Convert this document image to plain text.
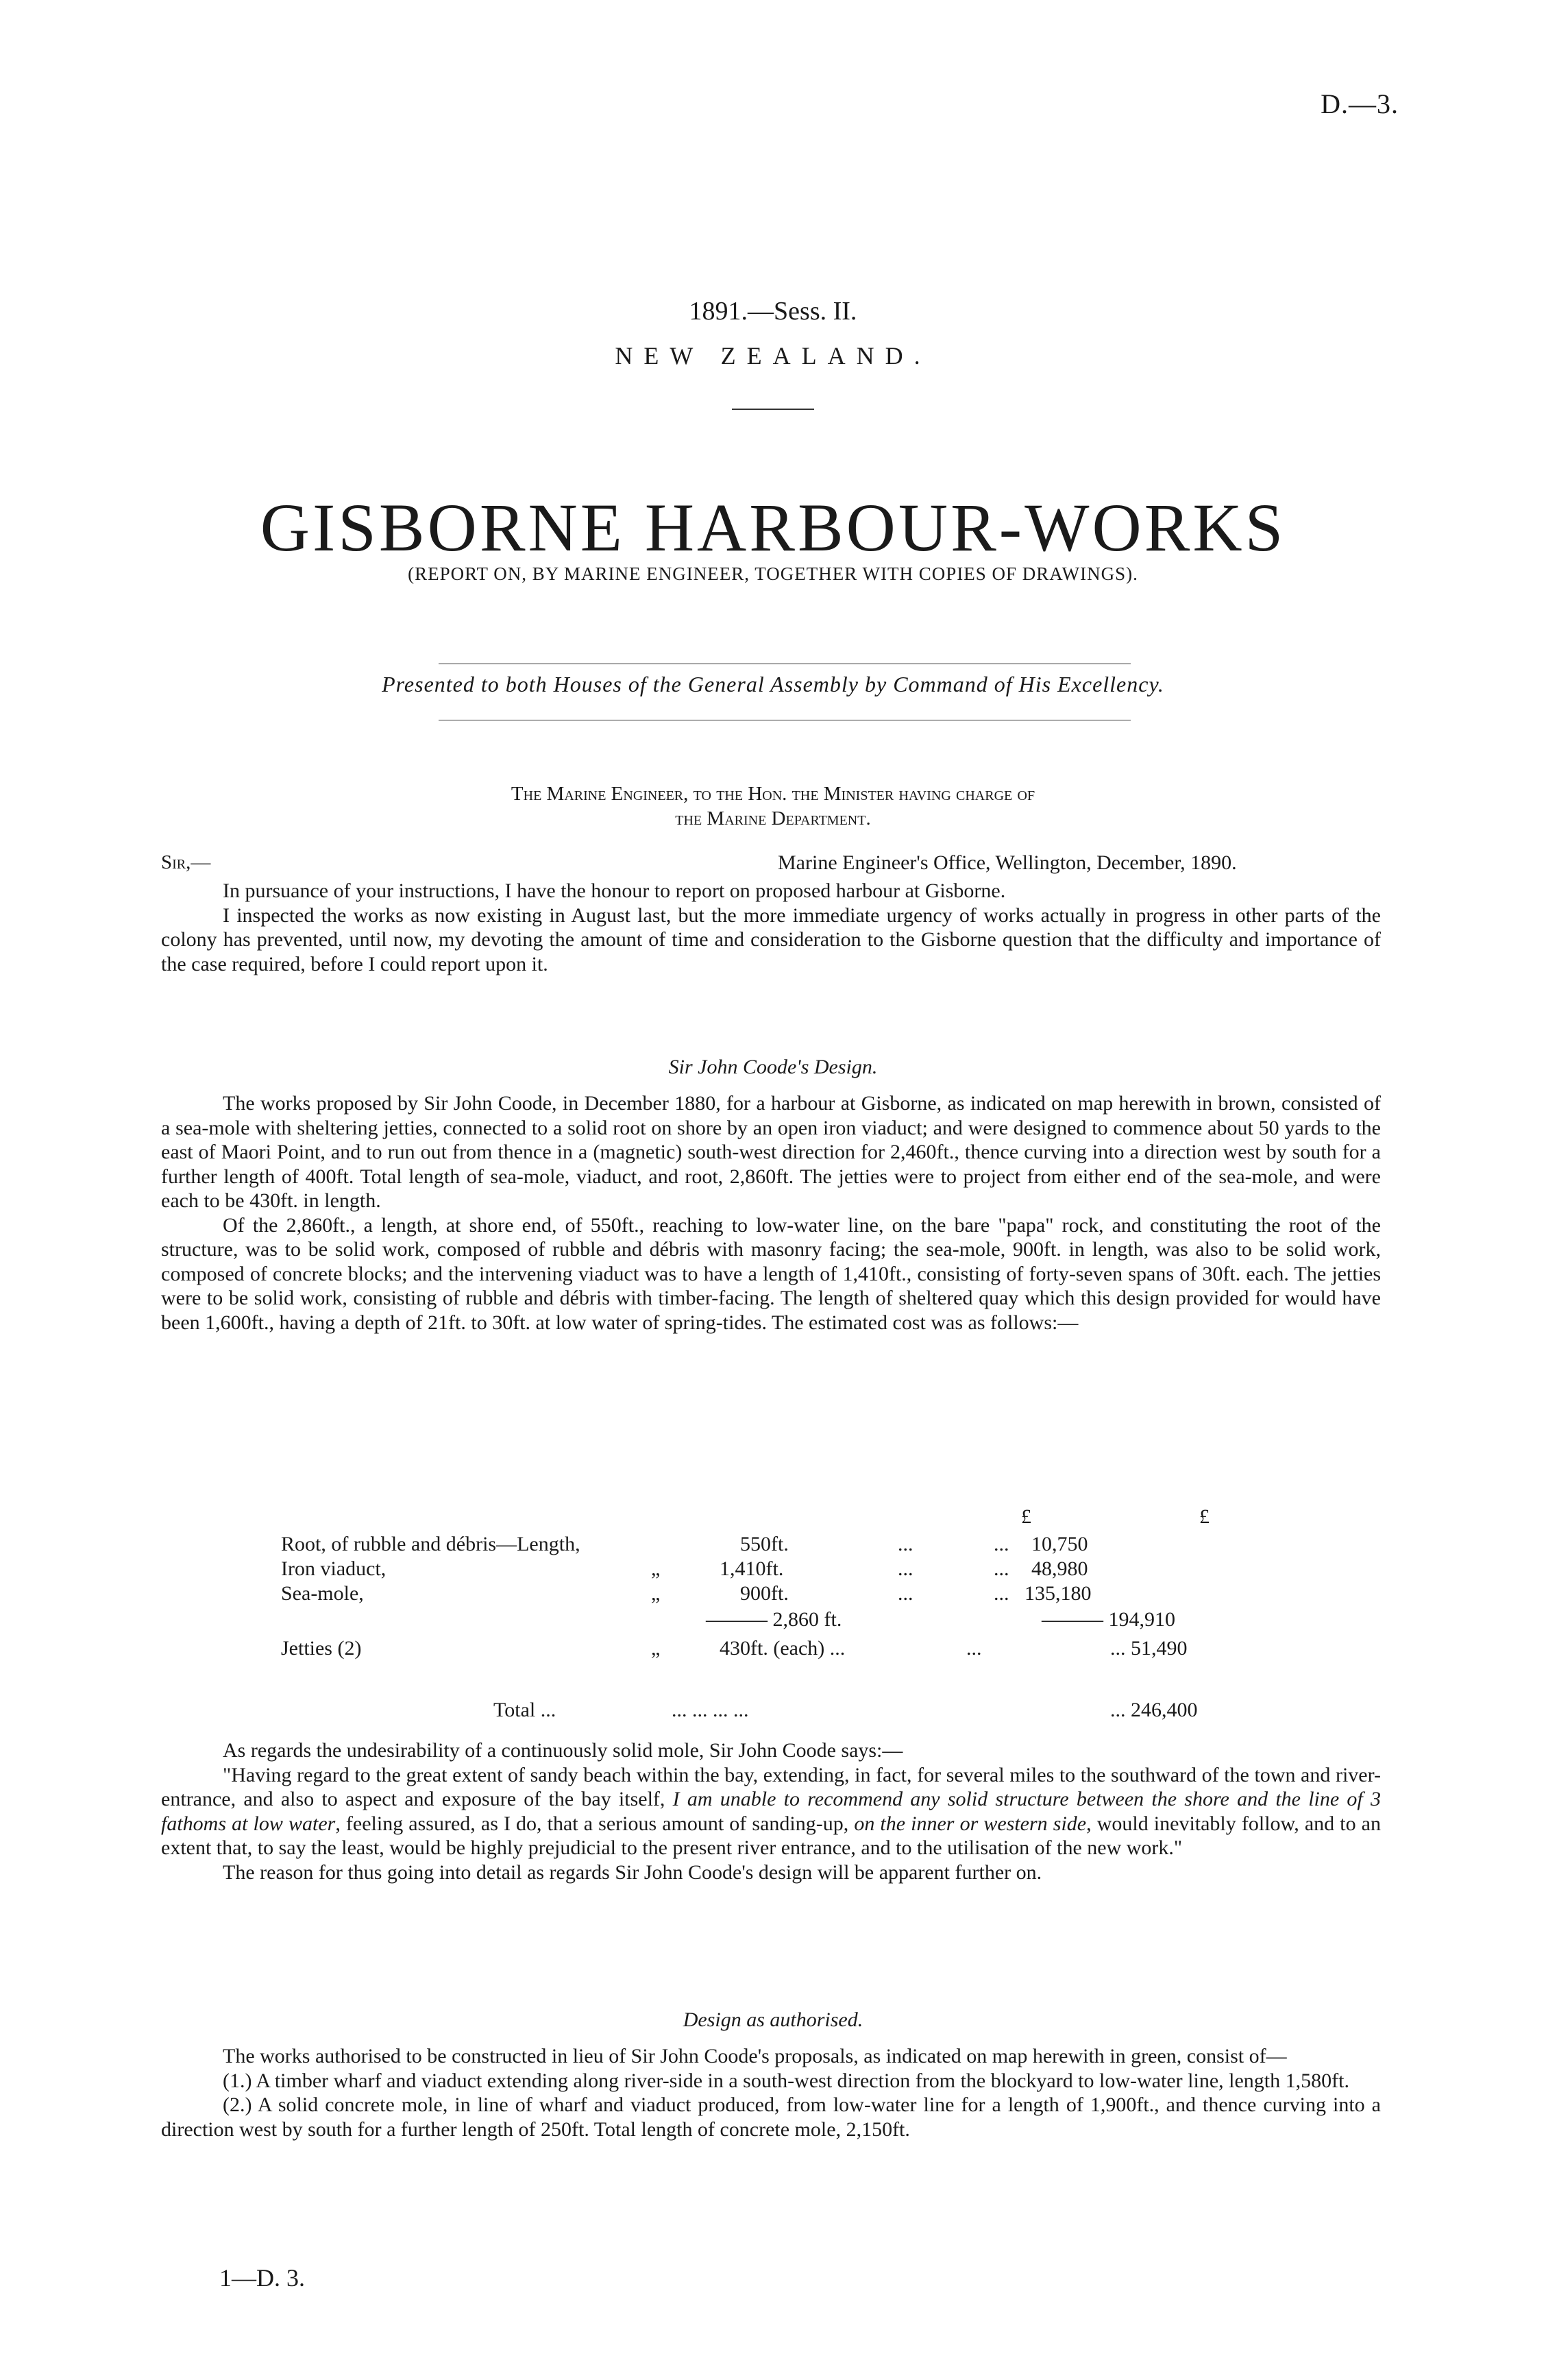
D.—3.
1891.—Sess. II.
NEW ZEALAND.
GISBORNE HARBOUR-WORKS
(REPORT ON, BY MARINE ENGINEER, TOGETHER WITH COPIES OF DRAWINGS).
Presented to both Houses of the General Assembly by Command of His Excellency.
The Marine Engineer, to the Hon. the Minister having charge of
the Marine Department.
Sir,—	Marine Engineer's Office, Wellington, December, 1890.

In pursuance of your instructions, I have the honour to report on proposed harbour at Gisborne.

I inspected the works as now existing in August last, but the more immediate urgency of works actually in progress in other parts of the colony has prevented, until now, my devoting the amount of time and consideration to the Gisborne question that the difficulty and importance of the case required, before I could report upon it.

Sir John Coode's Design.

The works proposed by Sir John Coode, in December 1880, for a harbour at Gisborne, as indicated on map herewith in brown, consisted of a sea-mole with sheltering jetties, connected to a solid root on shore by an open iron viaduct; and were designed to commence about 50 yards to the east of Maori Point, and to run out from thence in a (magnetic) south-west direction for 2,460ft., thence curving into a direction west by south for a further length of 400ft. Total length of sea-mole, viaduct, and root, 2,860ft. The jetties were to project from either end of the sea-mole, and were each to be 430ft. in length.

Of the 2,860ft., a length, at shore end, of 550ft., reaching to low-water line, on the bare "papa" rock, and constituting the root of the structure, was to be solid work, composed of rubble and débris with masonry facing; the sea-mole, 900ft. in length, was also to be solid work, composed of concrete blocks; and the intervening viaduct was to have a length of 1,410ft., consisting of forty-seven spans of 30ft. each. The jetties were to be solid work, consisting of rubble and débris with timber-facing. The length of sheltered quay which this design provided for would have been 1,600ft., having a depth of 21ft. to 30ft. at low water of spring-tides. The estimated cost was as follows:—

£	£
Root, of rubble and débris—Length,	550ft.	...	... 10,750
Iron viaduct,	„	1,410ft.	...	... 48,980
Sea-mole,	„	900ft.	...	... 135,180
——— 2,860 ft.	——— 194,910
Jetties (2)	„	430ft. (each) ...	...	... 51,490
Total ...	... ... ... ...	... 246,400

As regards the undesirability of a continuously solid mole, Sir John Coode says:—

"Having regard to the great extent of sandy beach within the bay, extending, in fact, for several miles to the southward of the town and river-entrance, and also to aspect and exposure of the bay itself, I am unable to recommend any solid structure between the shore and the line of 3 fathoms at low water, feeling assured, as I do, that a serious amount of sanding-up, on the inner or western side, would inevitably follow, and to an extent that, to say the least, would be highly prejudicial to the present river entrance, and to the utilisation of the new work."

The reason for thus going into detail as regards Sir John Coode's design will be apparent further on.

Design as authorised.

The works authorised to be constructed in lieu of Sir John Coode's proposals, as indicated on map herewith in green, consist of—

(1.) A timber wharf and viaduct extending along river-side in a south-west direction from the blockyard to low-water line, length 1,580ft.

(2.) A solid concrete mole, in line of wharf and viaduct produced, from low-water line for a length of 1,900ft., and thence curving into a direction west by south for a further length of 250ft. Total length of concrete mole, 2,150ft.

1—D. 3.
